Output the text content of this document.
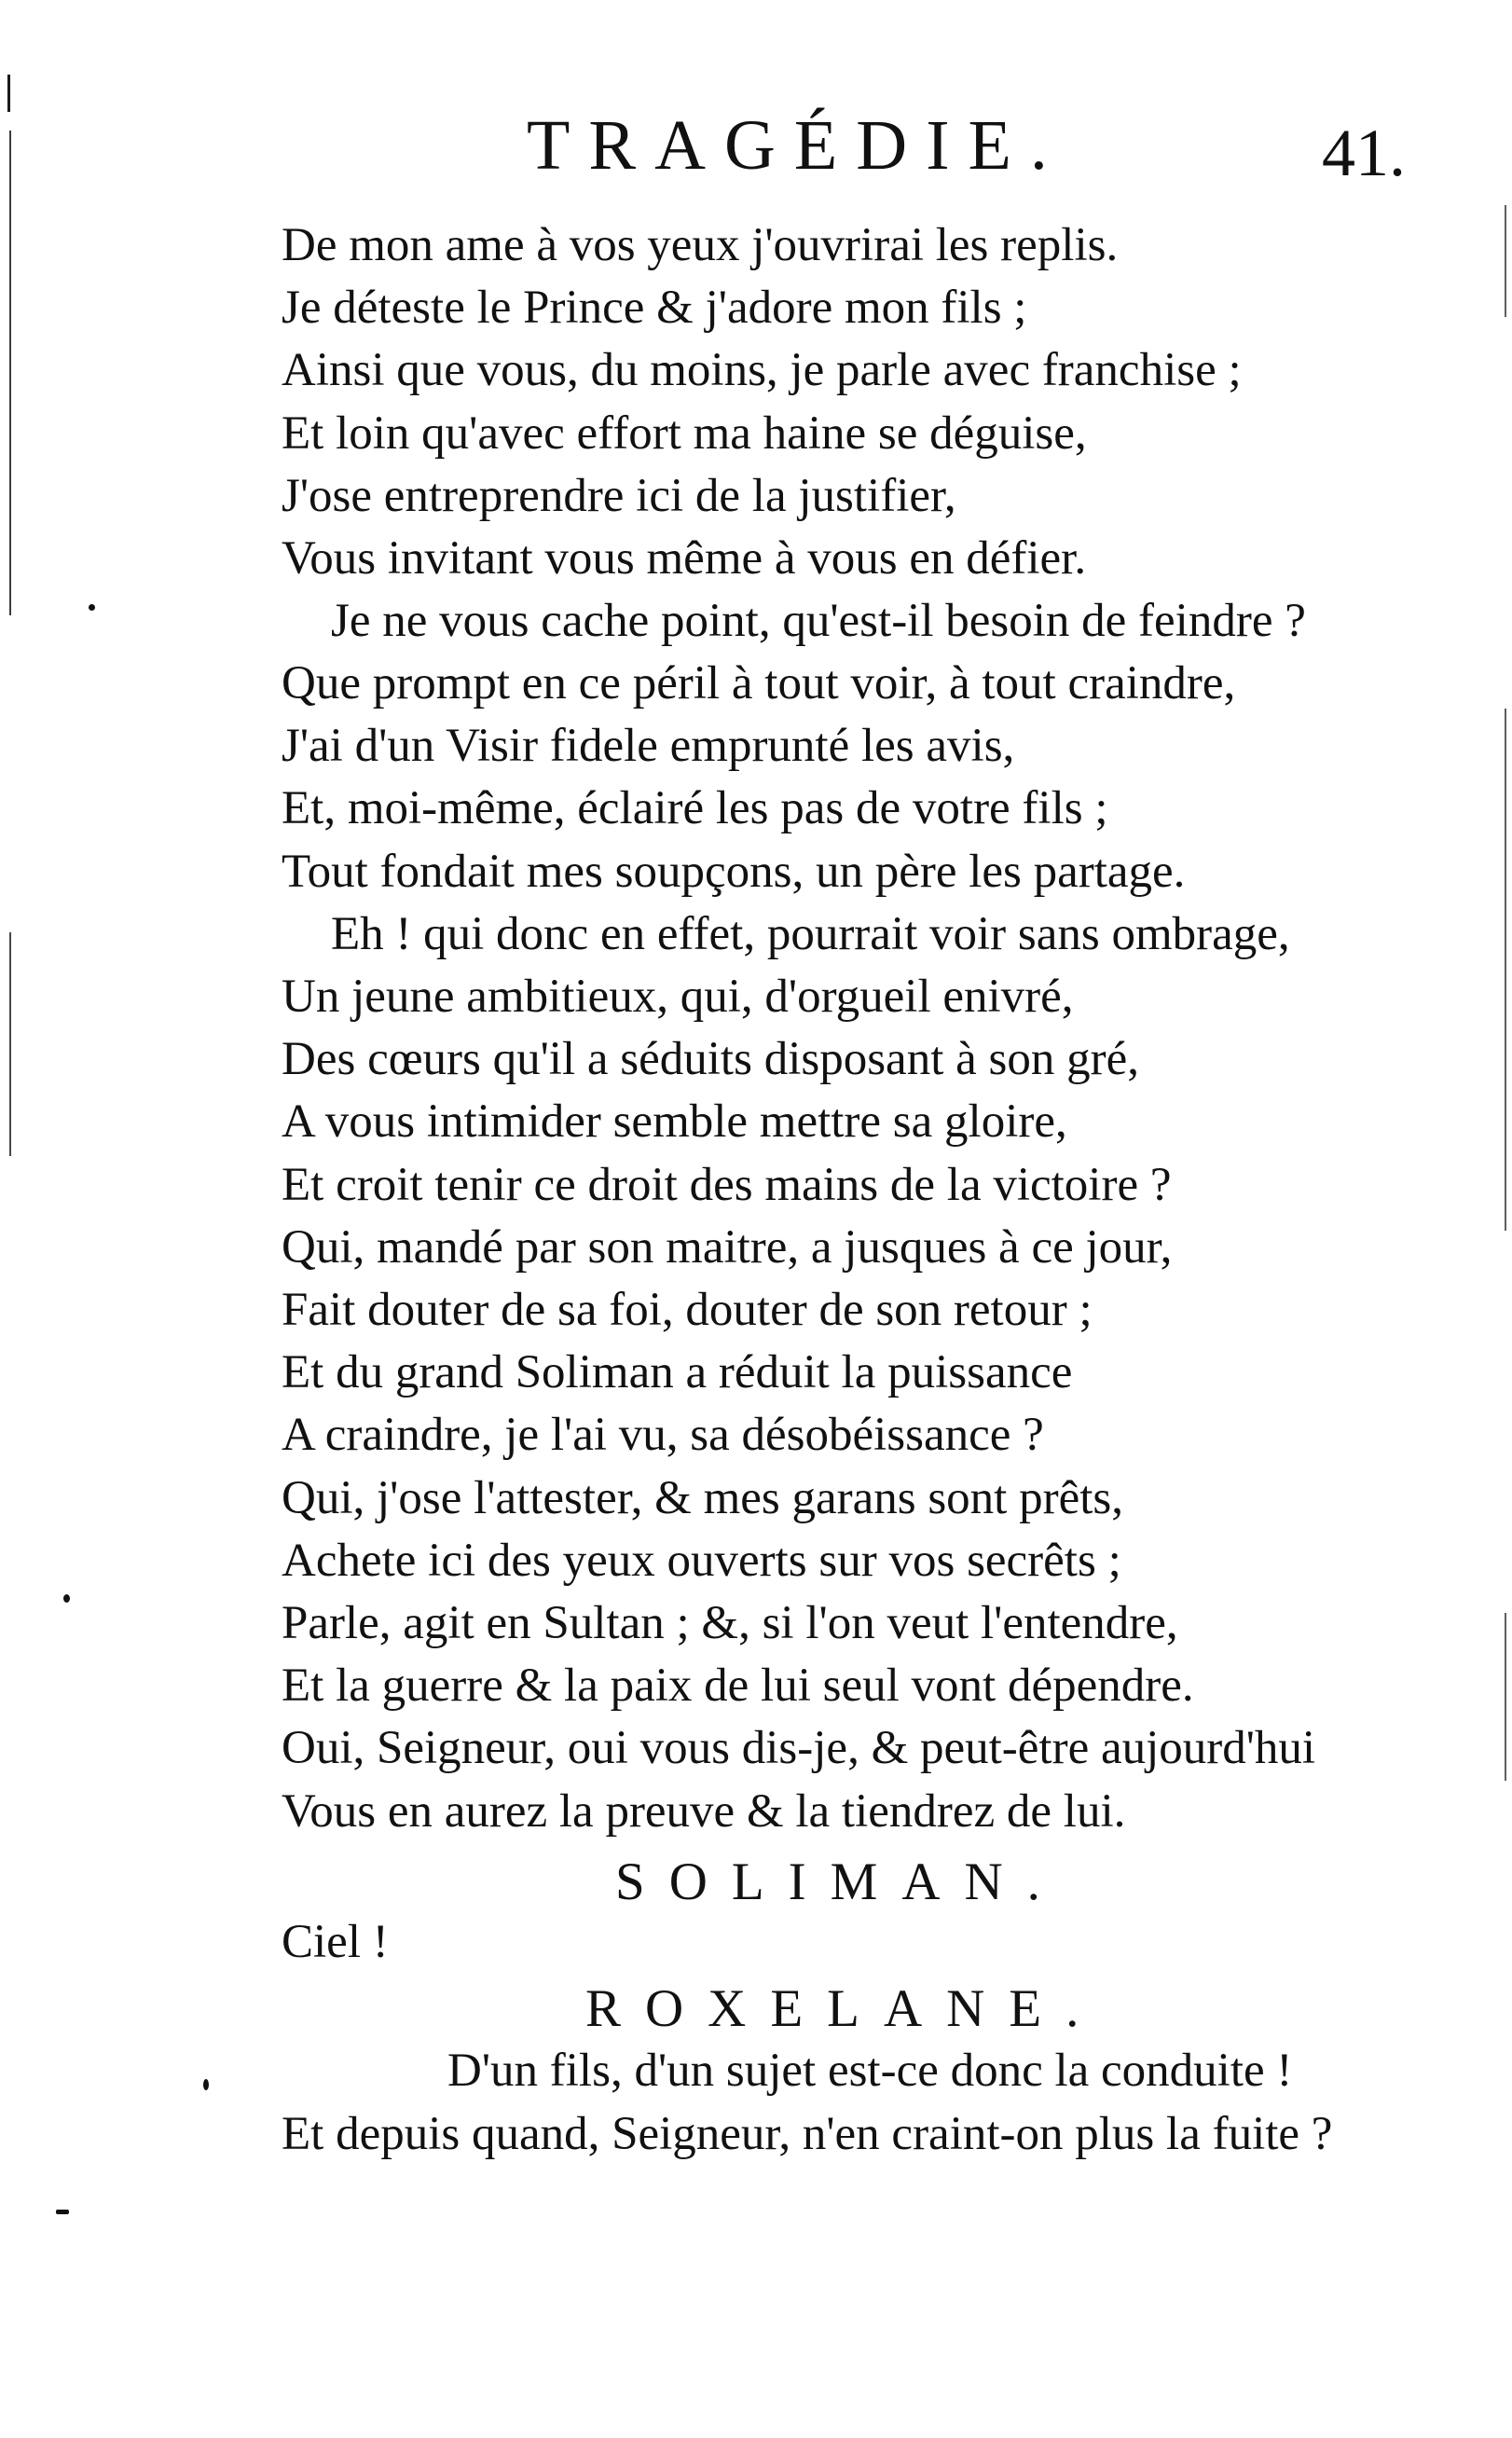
TRAGÉDIE.	41.
De mon ame à vos yeux j'ouvrirai les replis.
Je déteste le Prince & j'adore mon fils ;
Ainsi que vous, du moins, je parle avec franchise ;
Et loin qu'avec effort ma haine se déguise,
J'ose entreprendre ici de la justifier,
Vous invitant vous même à vous en défier.
Je ne vous cache point, qu'est-il besoin de feindre ?
Que prompt en ce péril à tout voir, à tout craindre,
J'ai d'un Visir fidele emprunté les avis,
Et, moi-même, éclairé les pas de votre fils ;
Tout fondait mes soupçons, un père les partage.
Eh ! qui donc en effet, pourrait voir sans ombrage,
Un jeune ambitieux, qui, d'orgueil enivré,
Des cœurs qu'il a séduits disposant à son gré,
A vous intimider semble mettre sa gloire,
Et croit tenir ce droit des mains de la victoire ?
Qui, mandé par son maitre, a jusques à ce jour,
Fait douter de sa foi, douter de son retour ;
Et du grand Soliman a réduit la puissance
A craindre, je l'ai vu, sa désobéissance ?
Qui, j'ose l'attester, & mes garans sont prêts,
Achete ici des yeux ouverts sur vos secrêts ;
Parle, agit en Sultan ; &, si l'on veut l'entendre,
Et la guerre & la paix de lui seul vont dépendre.
Oui, Seigneur, oui vous dis-je, & peut-être aujourd'hui
Vous en aurez la preuve & la tiendrez de lui.
SOLIMAN.
Ciel !
ROXELANE.
D'un fils, d'un sujet est-ce donc la conduite !
Et depuis quand, Seigneur, n'en craint-on plus la fuite ?
